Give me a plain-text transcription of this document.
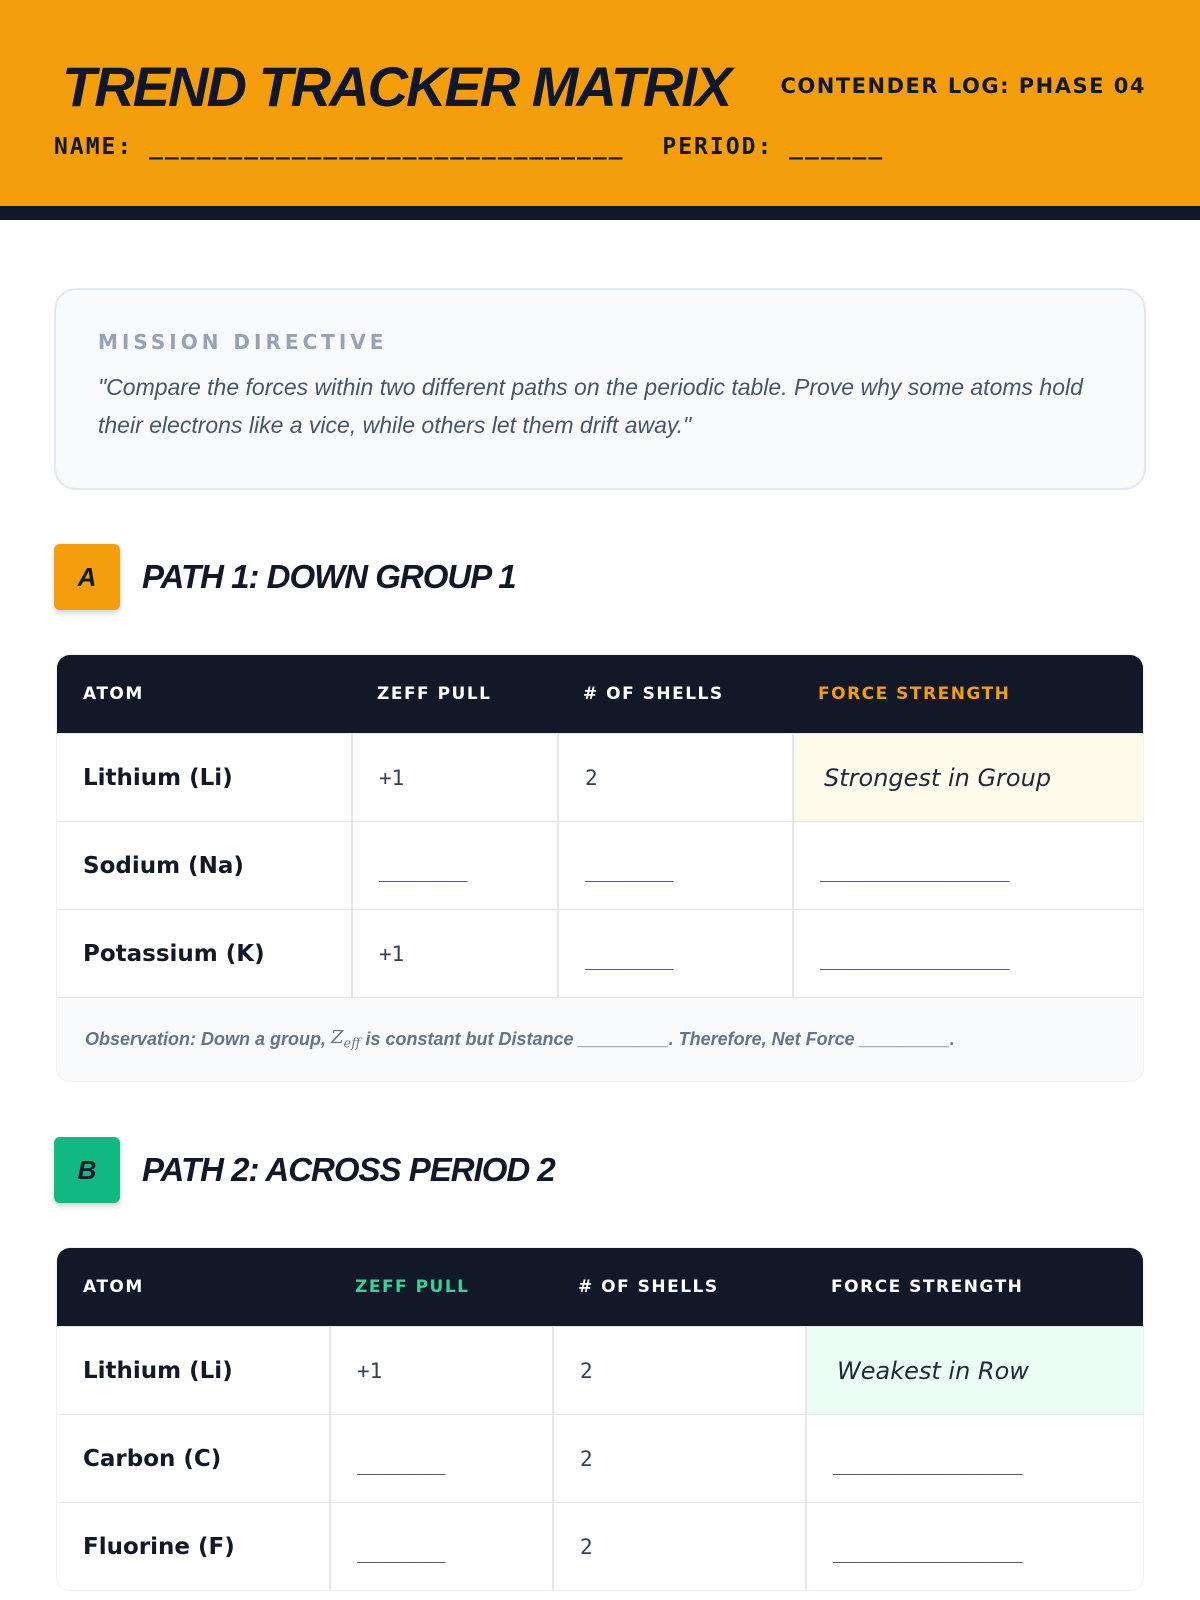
TREND TRACKER MATRIX CONTENDER LOG: PHASE 04
NAME: ______________________________ PERIOD: ______
MISSION DIRECTIVE
"Compare the forces within two different paths on the periodic table. Prove why some atoms hold their electrons like a vice, while others let them drift away."
A	PATH 1: DOWN GROUP 1
ATOM	ZEFF PULL	# OF SHELLS	FORCE STRENGTH
Lithium (Li)	+1	2	Strongest in Group
Sodium (Na)	_______	_______	_______________
Potassium (K)	+1	_______	_______________
Observation: Down a group,
$Z_{eff}$
is constant but Distance _________. Therefore, Net Force _________.
B	PATH 2: ACROSS PERIOD 2
ATOM	ZEFF PULL	# OF SHELLS	FORCE STRENGTH
Lithium (Li)	+1	2	Weakest in Row
Carbon (C)	_______	2	_______________
Fluorine (F)	_______	2	_______________
